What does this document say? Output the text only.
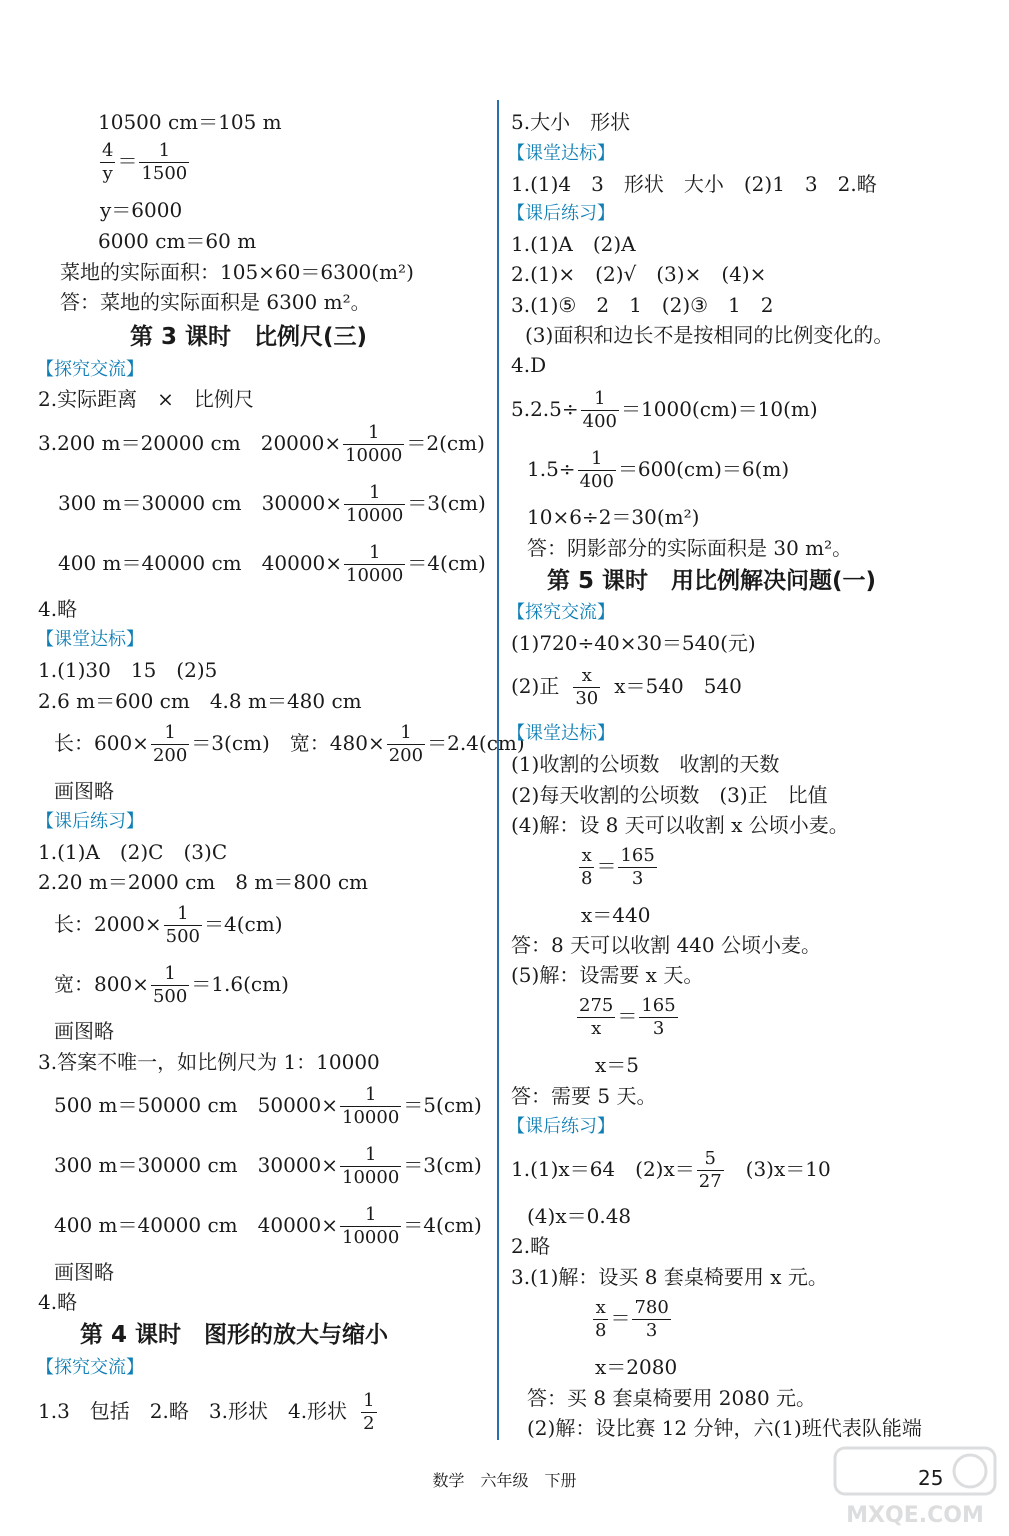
10500 cm＝105 m
$\frac{4}{y} = \frac{1}{1500}$
y＝6000
6000 cm＝60 m
菜地的实际面积：105×60＝6300(m²)
答：菜地的实际面积是 6300 m²。
第 3 课时　比例尺(三)
【探究交流】
2.实际距离　×　比例尺
3.200 m＝20000 cm　$20000\times \frac{1}{10000} =2(cm)$
300 m＝30000 cm　$30000\times \frac{1}{10000} =3(cm)$
400 m＝40000 cm　$40000\times \frac{1}{10000} =4(cm)$
4.略
【课堂达标】
1.(1)30　15　(2)5
2.6 m＝600 cm　4.8 m＝480 cm
长：$600\times \frac{1}{200} =3(cm)$　宽：$480\times \frac{1}{200} =2.4(cm)$
画图略
【课后练习】
1.(1)A　(2)C　(3)C
2.20 m＝2000 cm　8 m＝800 cm
长：$2000\times \frac{1}{500} =4(cm)$
宽：$800\times \frac{1}{500} =1.6(cm)$
画图略
3.答案不唯一，如比例尺为 1：10000
500 m＝50000 cm　$50000\times \frac{1}{10000} =5(cm)$
300 m＝30000 cm　$30000\times \frac{1}{10000} =3(cm)$
400 m＝40000 cm　$40000\times \frac{1}{10000} =4(cm)$
画图略
4.略
第 4 课时　图形的放大与缩小
【探究交流】
1.3　包括　2.略　3.形状　4.形状 $\frac{1}{2}$
5.大小　形状
【课堂达标】
1.(1)4　3　形状　大小　(2)1　3　2.略
【课后练习】
1.(1)A　(2)A
2.(1)×　(2)√　(3)×　(4)×
3.(1)⑤　2　1　(2)③　1　2
(3)面积和边长不是按相同的比例变化的。
4.D
$5.2.5\div \frac{1}{400} =1000(cm)=10(m)$
$1.5\div \frac{1}{400} =600(cm)=6(m)$
10×6÷2＝30(m²)
答：阴影部分的实际面积是 30 m²。
第 5 课时　用比例解决问题(一)
【探究交流】
(1)720÷40×30＝540(元)
(2)正 $\frac{x}{30} x=540$　540
【课堂达标】
(1)收割的公顷数　收割的天数
(2)每天收割的公顷数　(3)正　比值
(4)解：设 8 天可以收割 x 公顷小麦。
$\frac{x}{8} = \frac{165}{3}$
x＝440
答：8 天可以收割 440 公顷小麦。
(5)解：设需要 x 天。
$\frac{275}{x} = \frac{165}{3}$
x＝5
答：需要 5 天。
【课后练习】
1.(1)x＝64　$(2)x= \frac{5}{27}$ 　(3)x＝10
(4)x＝0.48
2.略
3.(1)解：设买 8 套桌椅要用 x 元。
$\frac{x}{8} = \frac{780}{3}$
x＝2080
答：买 8 套桌椅要用 2080 元。
(2)解：设比赛 12 分钟，六(1)班代表队能端
数学　六年级　下册	25
MXQE.COM
